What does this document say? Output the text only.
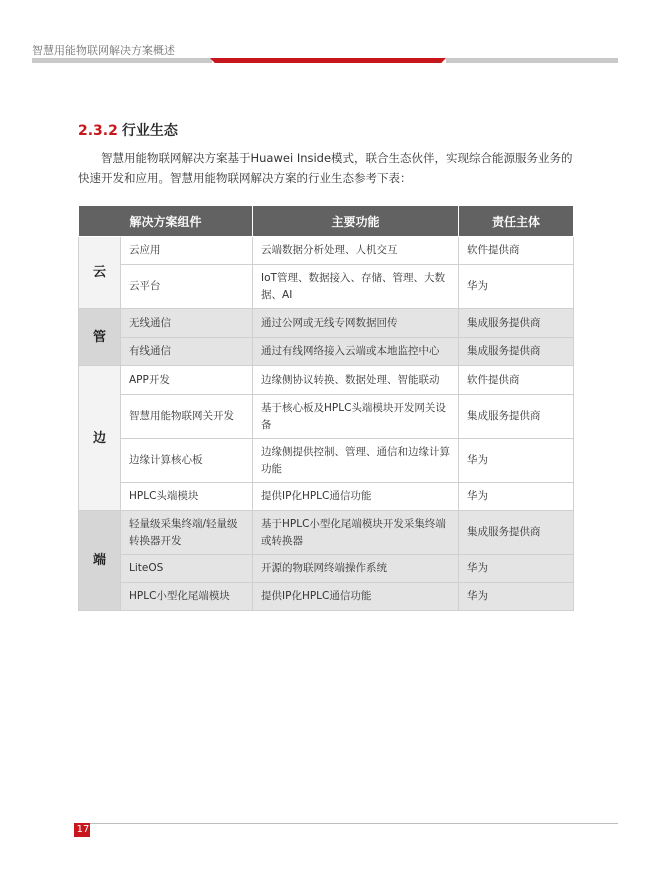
智慧用能物联网解决方案概述
2.3.2 行业生态

智慧用能物联网解决方案基于Huawei Inside模式，联合生态伙伴，实现综合能源服务业务的快速开发和应用。智慧用能物联网解决方案的行业生态参考下表：

解决方案组件		主要功能	责任主体
云	云应用	云端数据分析处理、人机交互	软件提供商
	云平台	IoT管理、数据接入、存储、管理、大数据、AI	华为
管	无线通信	通过公网或无线专网数据回传	集成服务提供商
	有线通信	通过有线网络接入云端或本地监控中心	集成服务提供商
边	APP开发	边缘侧协议转换、数据处理、智能联动	软件提供商
	智慧用能物联网关开发	基于核心板及HPLC头端模块开发网关设备	集成服务提供商
	边缘计算核心板	边缘侧提供控制、管理、通信和边缘计算功能	华为
	HPLC头端模块	提供IP化HPLC通信功能	华为
端	轻量级采集终端/轻量级转换器开发	基于HPLC小型化尾端模块开发采集终端或转换器	集成服务提供商
	LiteOS	开源的物联网终端操作系统	华为
	HPLC小型化尾端模块	提供IP化HPLC通信功能	华为
17
